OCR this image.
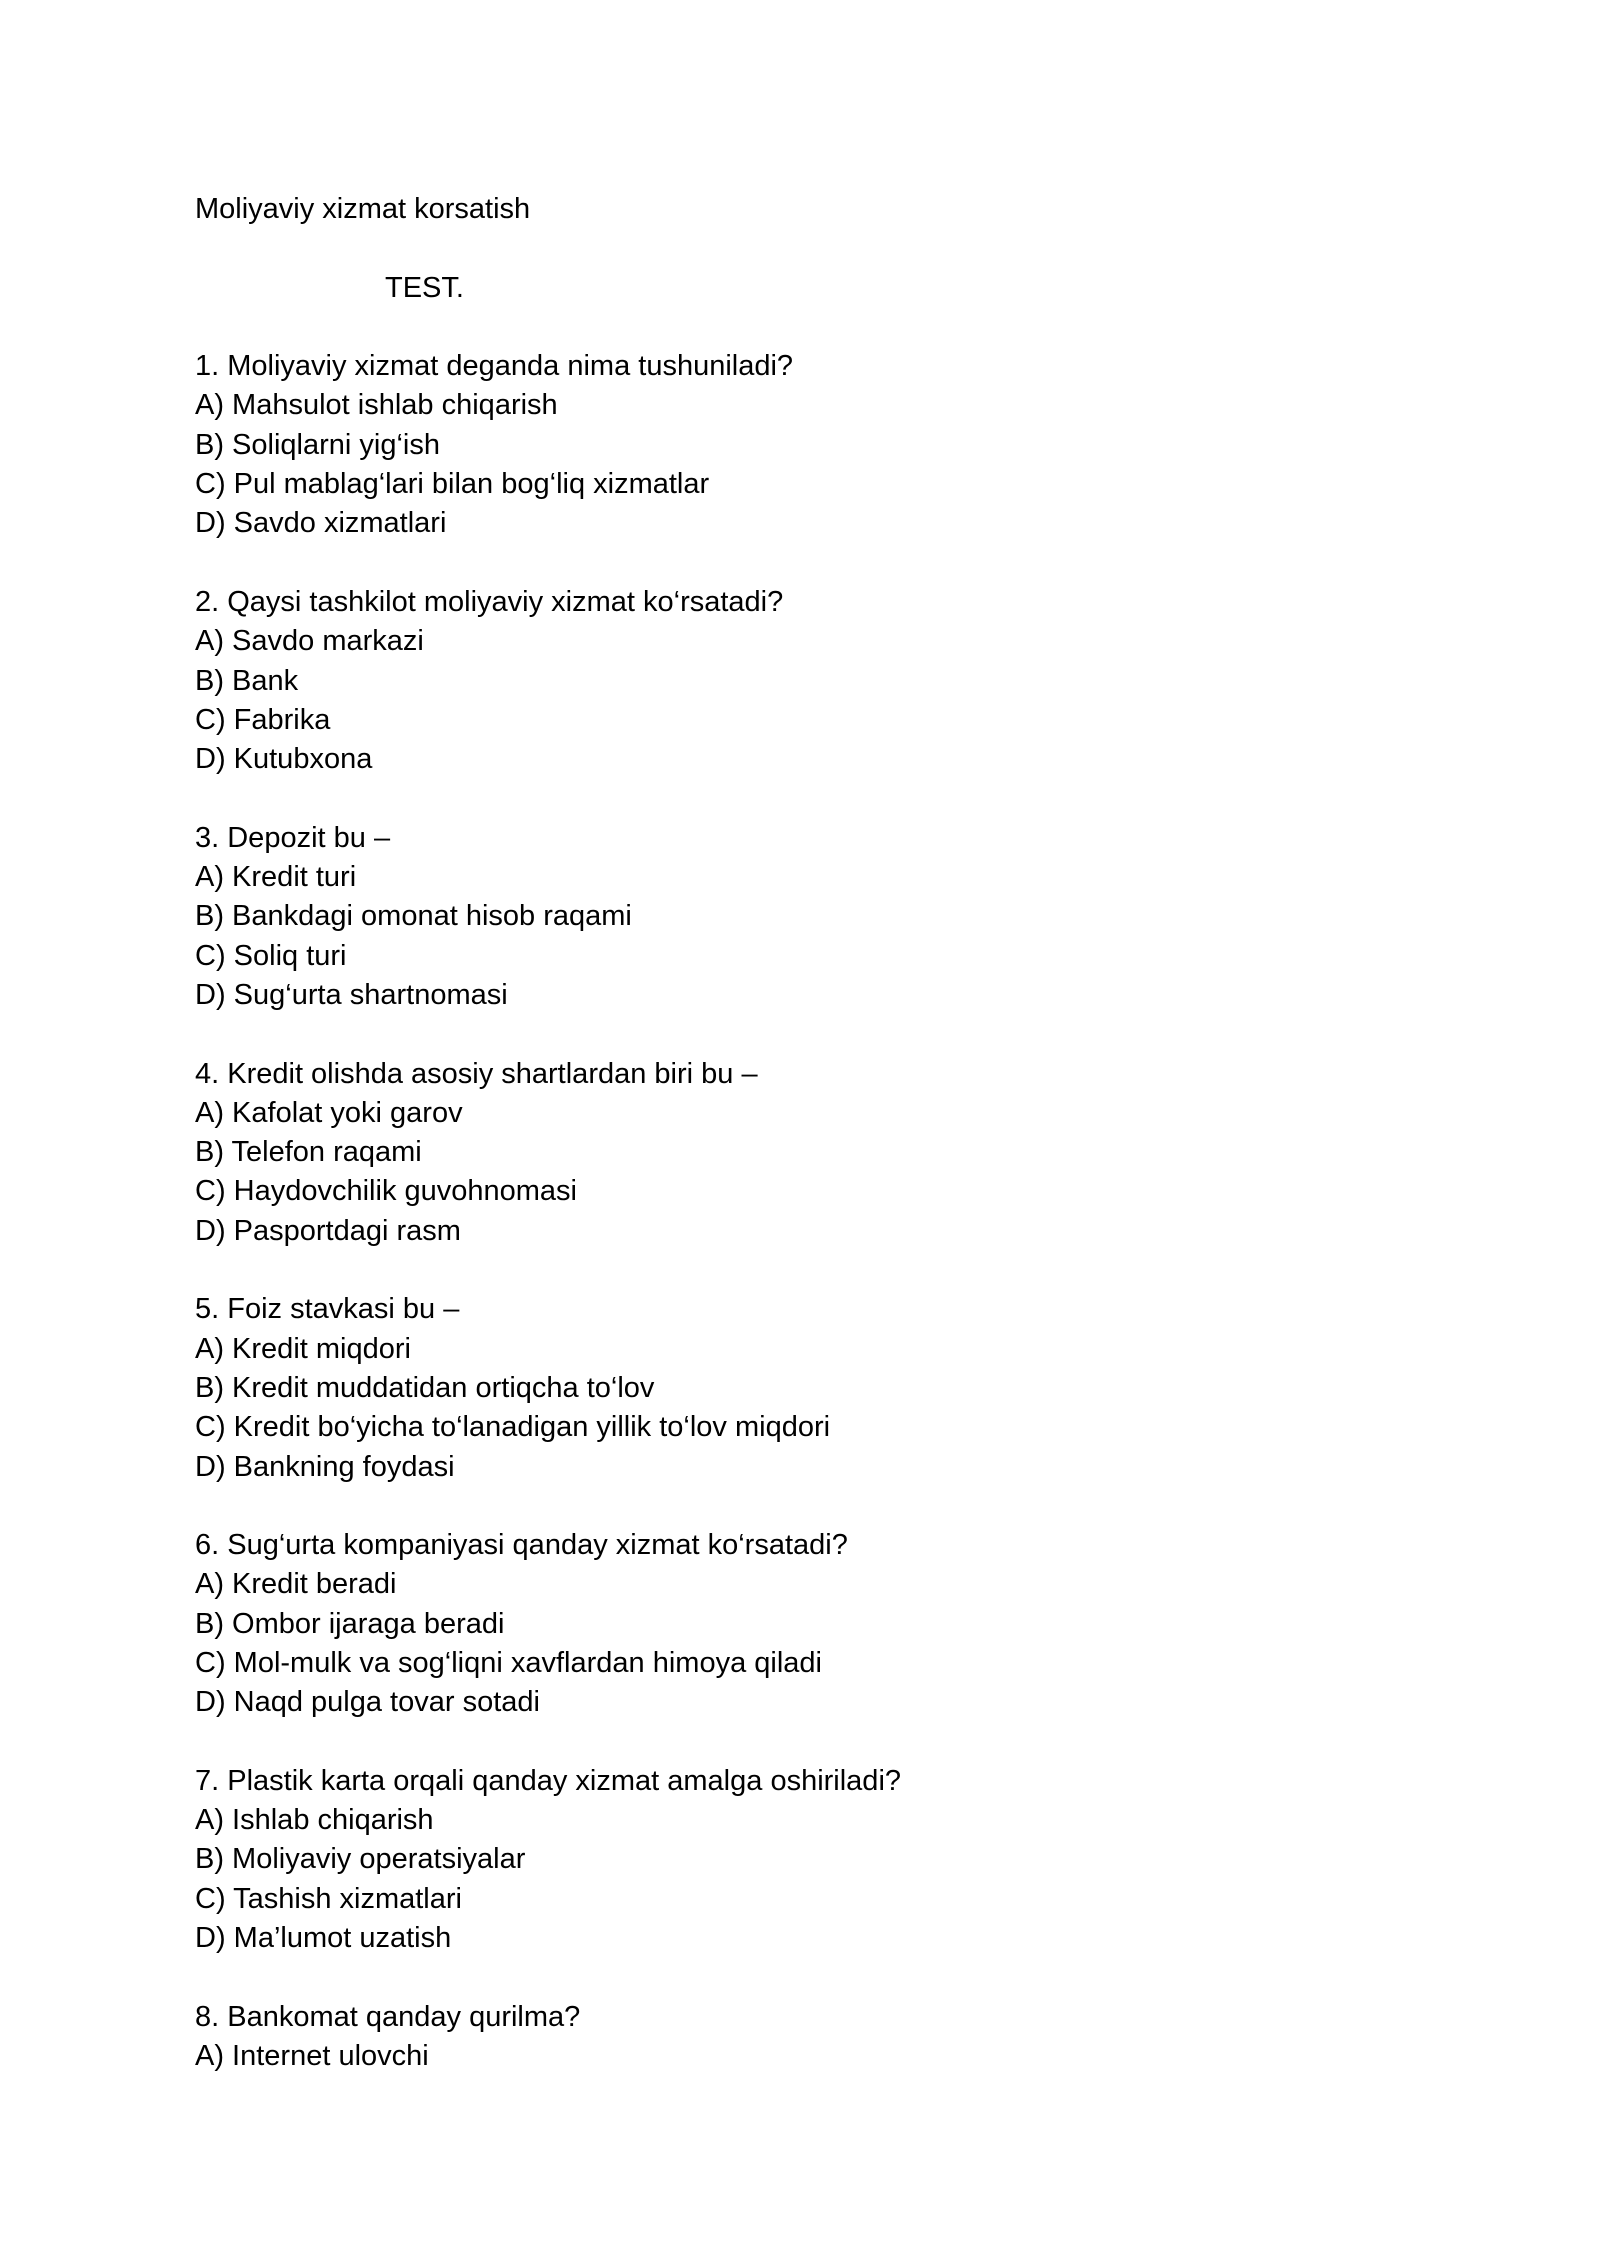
Moliyaviy xizmat korsatish
TEST.
1. Moliyaviy xizmat deganda nima tushuniladi?
A) Mahsulot ishlab chiqarish
B) Soliqlarni yig‘ish
C) Pul mablag‘lari bilan bog‘liq xizmatlar
D) Savdo xizmatlari
2. Qaysi tashkilot moliyaviy xizmat ko‘rsatadi?
A) Savdo markazi
B) Bank
C) Fabrika
D) Kutubxona
3. Depozit bu –
A) Kredit turi
B) Bankdagi omonat hisob raqami
C) Soliq turi
D) Sug‘urta shartnomasi
4. Kredit olishda asosiy shartlardan biri bu –
A) Kafolat yoki garov
B) Telefon raqami
C) Haydovchilik guvohnomasi
D) Pasportdagi rasm
5. Foiz stavkasi bu –
A) Kredit miqdori
B) Kredit muddatidan ortiqcha to‘lov
C) Kredit bo‘yicha to‘lanadigan yillik to‘lov miqdori
D) Bankning foydasi
6. Sug‘urta kompaniyasi qanday xizmat ko‘rsatadi?
A) Kredit beradi
B) Ombor ijaraga beradi
C) Mol-mulk va sog‘liqni xavflardan himoya qiladi
D) Naqd pulga tovar sotadi
7. Plastik karta orqali qanday xizmat amalga oshiriladi?
A) Ishlab chiqarish
B) Moliyaviy operatsiyalar
C) Tashish xizmatlari
D) Ma’lumot uzatish
8. Bankomat qanday qurilma?
A) Internet ulovchi
